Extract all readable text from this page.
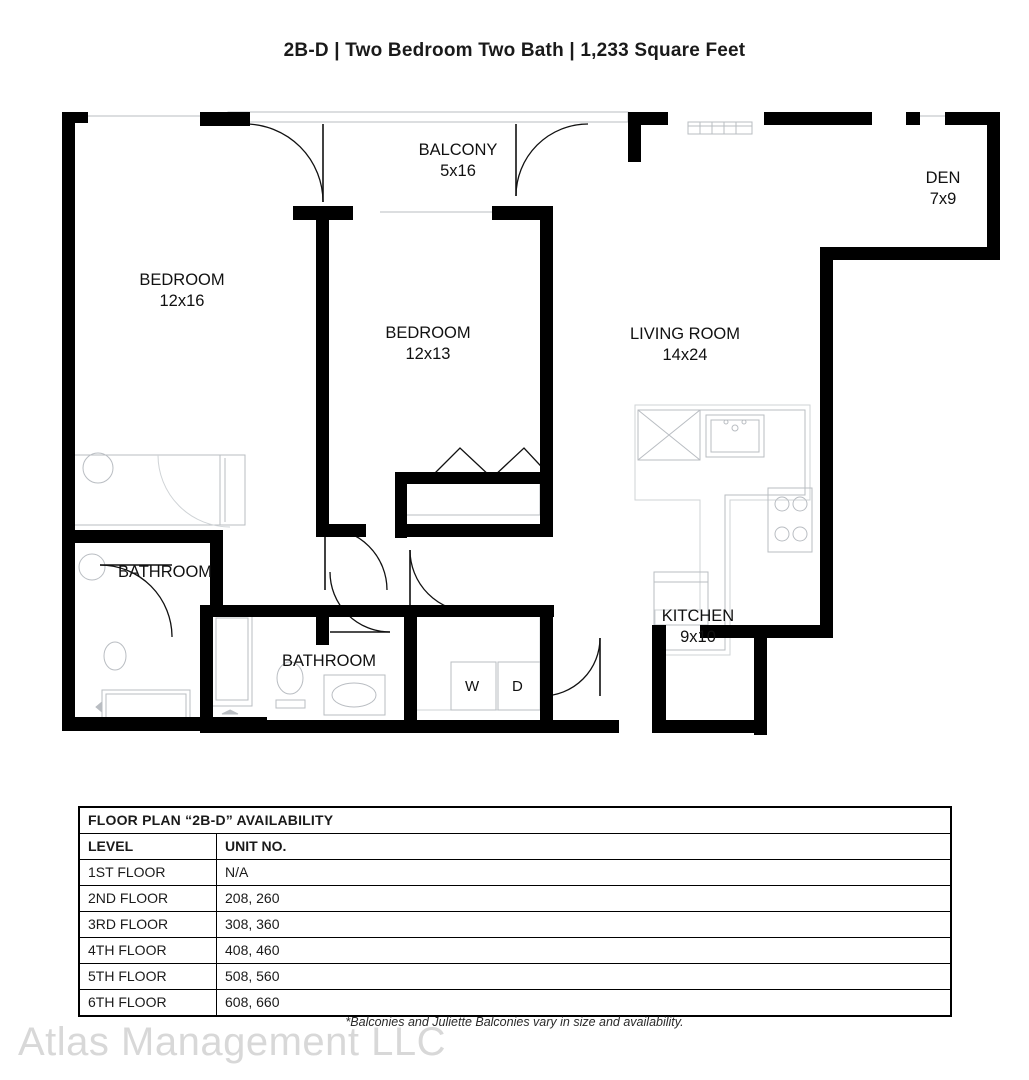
2B-D | Two Bedroom Two Bath | 1,233 Square Feet
BALCONY
5x16	DEN
7x9
BEDROOM
12x16
BEDROOM
12x13
LIVING ROOM
14x24
BATHROOM
BATHROOM
KITCHEN
9x10
W D
FLOOR PLAN “2B-D” AVAILABILITY	
LEVEL	UNIT NO.
1ST FLOOR	N/A
2ND FLOOR	208, 260
3RD FLOOR	308, 360
4TH FLOOR	408, 460
5TH FLOOR	508, 560
6TH FLOOR	608, 660
*Balconies and Juliette Balconies vary in size and availability.
Atlas Management LLC
